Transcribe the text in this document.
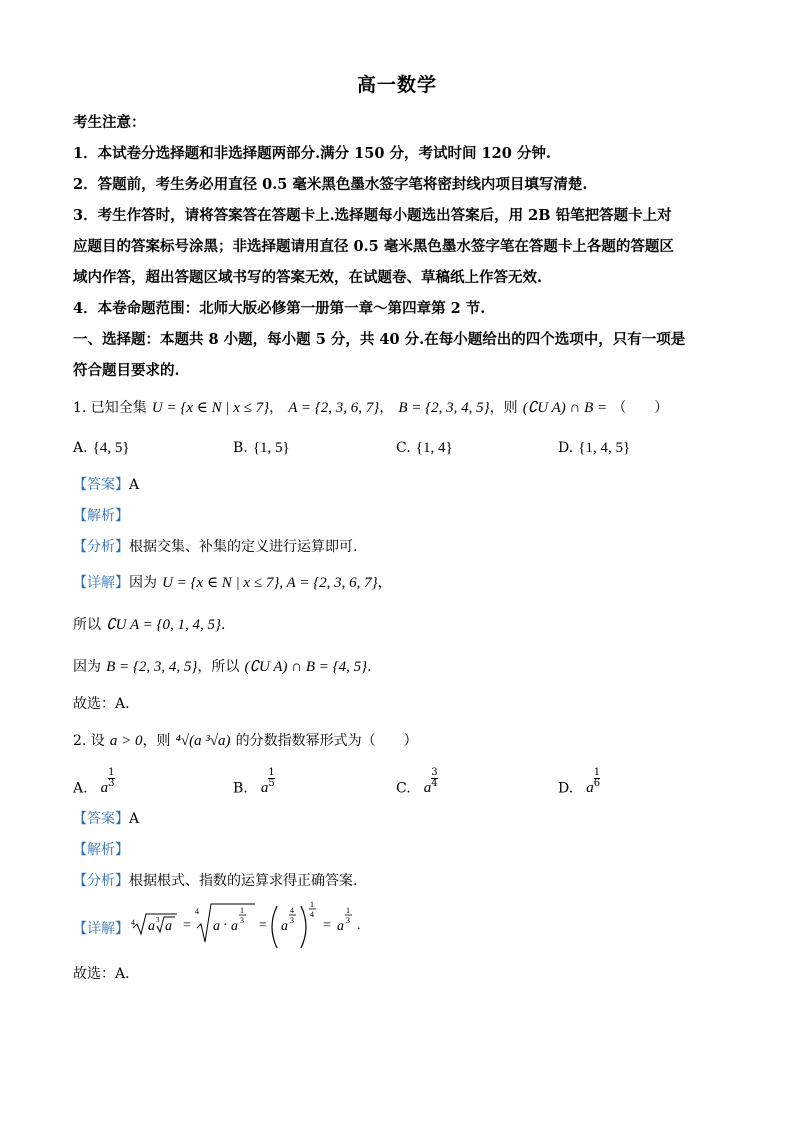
高一数学
考生注意：
1．本试卷分选择题和非选择题两部分.满分 150 分，考试时间 120 分钟.
2．答题前，考生务必用直径 0.5 毫米黑色墨水签字笔将密封线内项目填写清楚.
3．考生作答时，请将答案答在答题卡上.选择题每小题选出答案后，用 2B 铅笔把答题卡上对
应题目的答案标号涂黑；非选择题请用直径 0.5 毫米黑色墨水签字笔在答题卡上各题的答题区
域内作答，超出答题区域书写的答案无效，在试题卷、草稿纸上作答无效.
4．本卷命题范围：北师大版必修第一册第一章～第四章第 2 节.
一、选择题：本题共 8 小题，每小题 5 分，共 40 分.在每小题给出的四个选项中，只有一项是
符合题目要求的.
1. 已知全集 U = {x ∈ N | x ≤ 7}， A = {2, 3, 6, 7}， B = {2, 3, 4, 5}，则 (∁U A) ∩ B = （　　）
A. {4, 5}	B. {1, 5}	C. {1, 4}	D. {1, 4, 5}
【答案】A
【解析】
【分析】根据交集、补集的定义进行运算即可.
【详解】因为 U = {x ∈ N | x ≤ 7}, A = {2, 3, 6, 7}，
所以 ∁U A = {0, 1, 4, 5}.
因为 B = {2, 3, 4, 5}，所以 (∁U A) ∩ B = {4, 5}.
故选：A.
2. 设 a > 0，则 ⁴√(a ³√a) 的分数指数幂形式为（　　）
A. a $\frac{1}{3}$	B. a $\frac{1}{5}$	C. a $\frac{3}{4}$	D. a $\frac{1}{6}$
【答案】A
【解析】
【分析】根据根式、指数的运算求得正确答案.
【详解】 4 a 3 a =
4
a · a
1
3 = a
4
3
1
4
= a
1
3 .
故选：A．
